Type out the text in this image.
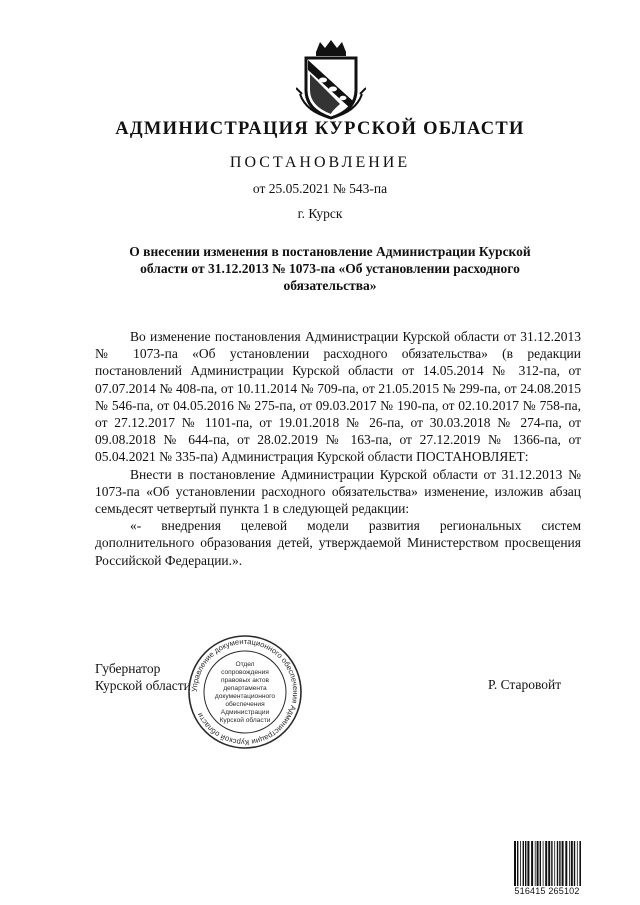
АДМИНИСТРАЦИЯ КУРСКОЙ ОБЛАСТИ
ПОСТАНОВЛЕНИЕ
от 25.05.2021 № 543-па
г. Курск
О внесении изменения в постановление Администрации Курской области от 31.12.2013 № 1073-па «Об установлении расходного обязательства»

Во изменение постановления Администрации Курской области от 31.12.2013 № 1073-па «Об установлении расходного обязательства» (в редакции постановлений Администрации Курской области от 14.05.2014 № 312-па, от 07.07.2014 № 408-па, от 10.11.2014 № 709-па, от 21.05.2015 № 299-па, от 24.08.2015 № 546-па, от 04.05.2016 № 275-па, от 09.03.2017 № 190-па, от 02.10.2017 № 758-па, от 27.12.2017 № 1101-па, от 19.01.2018 № 26-па, от 30.03.2018 № 274-па, от 09.08.2018 № 644-па, от 28.02.2019 № 163-па, от 27.12.2019 № 1366-па, от 05.04.2021 № 335-па) Администрация Курской области ПОСТАНОВЛЯЕТ:

Внести в постановление Администрации Курской области от 31.12.2013 № 1073-па «Об установлении расходного обязательства» изменение, изложив абзац семьдесят четвертый пункта 1 в следующей редакции:

«- внедрения целевой модели развития региональных систем дополнительного образования детей, утверждаемой Министерством просвещения Российской Федерации.».

Губернатор
Курской области	Р. Старовойт
Управление документационного обеспечения Администрации Курской области
Отдел
сопровождения
правовых актов
департамента
документационного
обеспечения
Администрации
Курской области
516415 265102
